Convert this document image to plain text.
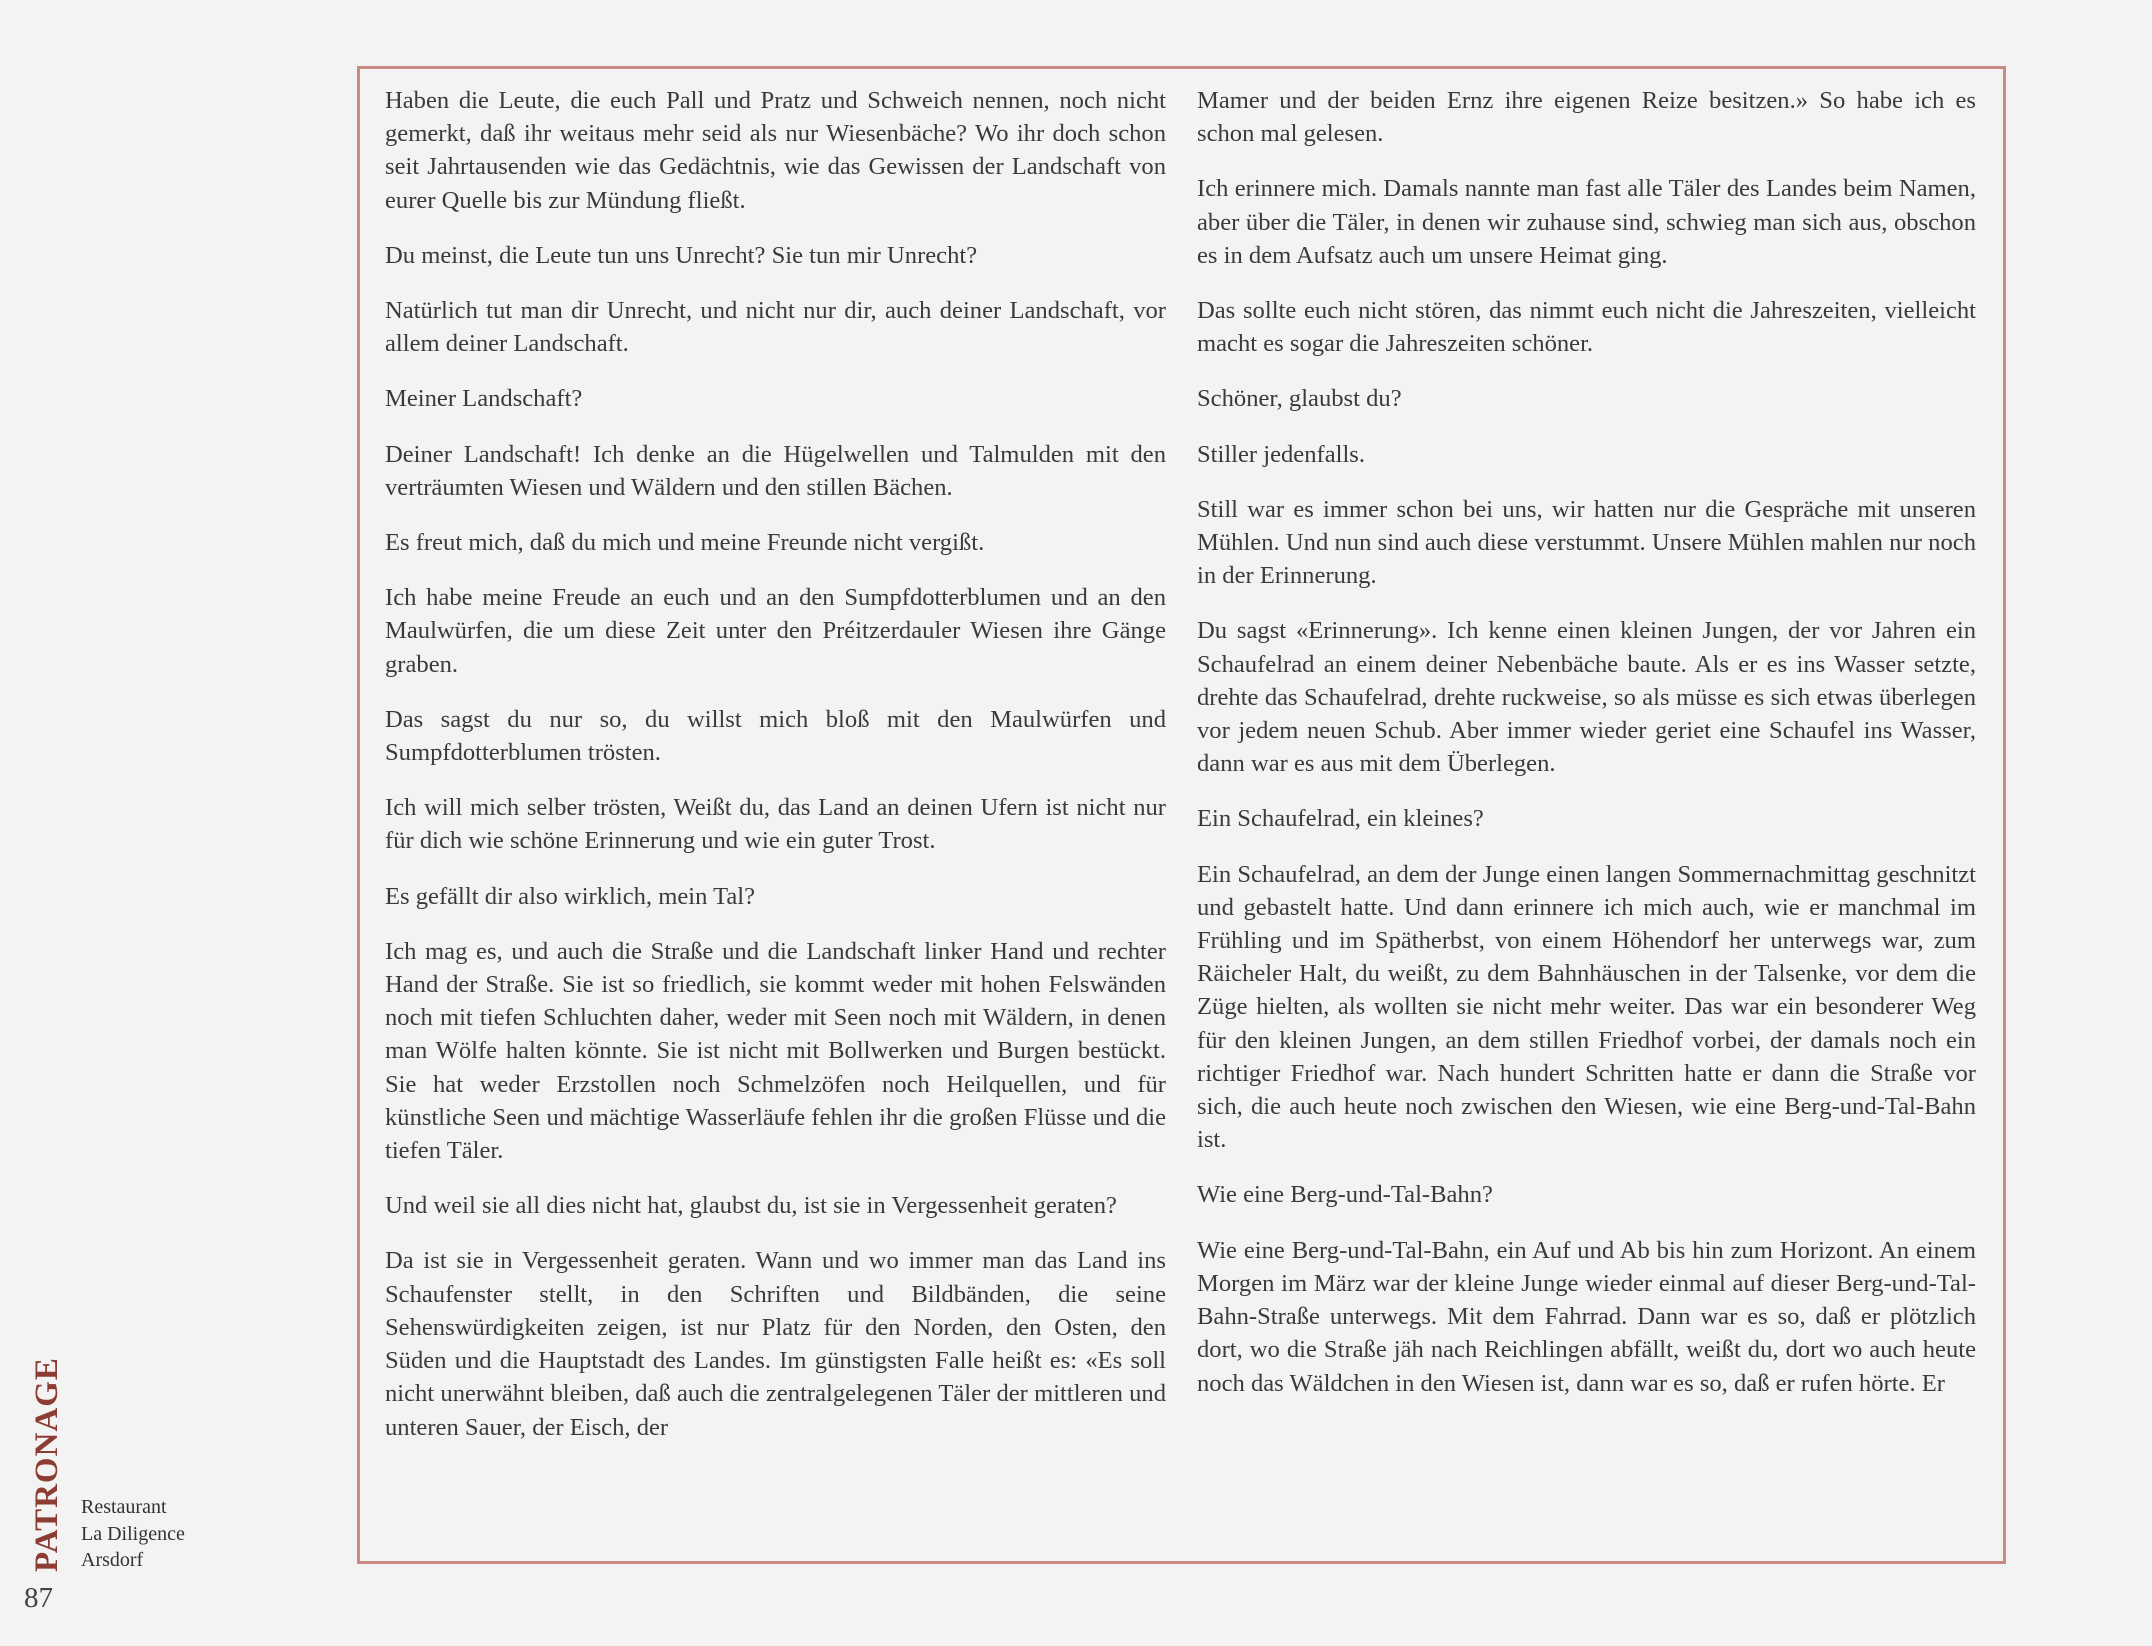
Haben die Leute, die euch Pall und Pratz und Schweich nennen, noch nicht gemerkt, daß ihr weitaus mehr seid als nur Wiesenbäche? Wo ihr doch schon seit Jahrtausenden wie das Gedächtnis, wie das Gewissen der Landschaft von eurer Quelle bis zur Mündung fließt.

Du meinst, die Leute tun uns Unrecht? Sie tun mir Unrecht?

Natürlich tut man dir Unrecht, und nicht nur dir, auch deiner Landschaft, vor allem deiner Landschaft.

Meiner Landschaft?

Deiner Landschaft! Ich denke an die Hügelwellen und Talmulden mit den verträumten Wiesen und Wäldern und den stillen Bächen.

Es freut mich, daß du mich und meine Freunde nicht vergißt.

Ich habe meine Freude an euch und an den Sumpfdotterblumen und an den Maulwürfen, die um diese Zeit unter den Préitzerdauler Wiesen ihre Gänge graben.

Das sagst du nur so, du willst mich bloß mit den Maulwürfen und Sumpfdotterblumen trösten.

Ich will mich selber trösten, Weißt du, das Land an deinen Ufern ist nicht nur für dich wie schöne Erinnerung und wie ein guter Trost.

Es gefällt dir also wirklich, mein Tal?

Ich mag es, und auch die Straße und die Landschaft linker Hand und rechter Hand der Straße. Sie ist so friedlich, sie kommt weder mit hohen Felswänden noch mit tiefen Schluchten daher, weder mit Seen noch mit Wäldern, in denen man Wölfe halten könnte. Sie ist nicht mit Bollwerken und Burgen bestückt. Sie hat weder Erzstollen noch Schmelzöfen noch Heilquellen, und für künstliche Seen und mächtige Wasserläufe fehlen ihr die großen Flüsse und die tiefen Täler.

Und weil sie all dies nicht hat, glaubst du, ist sie in Vergessenheit geraten?

Da ist sie in Vergessenheit geraten. Wann und wo immer man das Land ins Schaufenster stellt, in den Schriften und Bildbänden, die seine Sehenswürdigkeiten zeigen, ist nur Platz für den Norden, den Osten, den Süden und die Hauptstadt des Landes. Im günstigsten Falle heißt es: «Es soll nicht unerwähnt bleiben, daß auch die zentralgelegenen Täler der mittleren und unteren Sauer, der Eisch, der

Mamer und der beiden Ernz ihre eigenen Reize besitzen.» So habe ich es schon mal gelesen.

Ich erinnere mich. Damals nannte man fast alle Täler des Landes beim Namen, aber über die Täler, in denen wir zuhause sind, schwieg man sich aus, obschon es in dem Aufsatz auch um unsere Heimat ging.

Das sollte euch nicht stören, das nimmt euch nicht die Jahreszeiten, vielleicht macht es sogar die Jahreszeiten schöner.

Schöner, glaubst du?

Stiller jedenfalls.

Still war es immer schon bei uns, wir hatten nur die Gespräche mit unseren Mühlen. Und nun sind auch diese verstummt. Unsere Mühlen mahlen nur noch in der Erinnerung.

Du sagst «Erinnerung». Ich kenne einen kleinen Jungen, der vor Jahren ein Schaufelrad an einem deiner Nebenbäche baute. Als er es ins Wasser setzte, drehte das Schaufelrad, drehte ruckweise, so als müsse es sich etwas überlegen vor jedem neuen Schub. Aber immer wieder geriet eine Schaufel ins Wasser, dann war es aus mit dem Überlegen.

Ein Schaufelrad, ein kleines?

Ein Schaufelrad, an dem der Junge einen langen Sommernachmittag geschnitzt und gebastelt hatte. Und dann erinnere ich mich auch, wie er manchmal im Frühling und im Spätherbst, von einem Höhendorf her unterwegs war, zum Räicheler Halt, du weißt, zu dem Bahnhäuschen in der Talsenke, vor dem die Züge hielten, als wollten sie nicht mehr weiter. Das war ein besonderer Weg für den kleinen Jungen, an dem stillen Friedhof vorbei, der damals noch ein richtiger Friedhof war. Nach hundert Schritten hatte er dann die Straße vor sich, die auch heute noch zwischen den Wiesen, wie eine Berg-und-Tal-Bahn ist.

Wie eine Berg-und-Tal-Bahn?

Wie eine Berg-und-Tal-Bahn, ein Auf und Ab bis hin zum Horizont. An einem Morgen im März war der kleine Junge wieder einmal auf dieser Berg-und-Tal-Bahn-Straße unterwegs. Mit dem Fahrrad. Dann war es so, daß er plötzlich dort, wo die Straße jäh nach Reichlingen abfällt, weißt du, dort wo auch heute noch das Wäldchen in den Wiesen ist, dann war es so, daß er rufen hörte. Er

PATRONAGE Restaurant
La Diligence
Arsdorf
87
